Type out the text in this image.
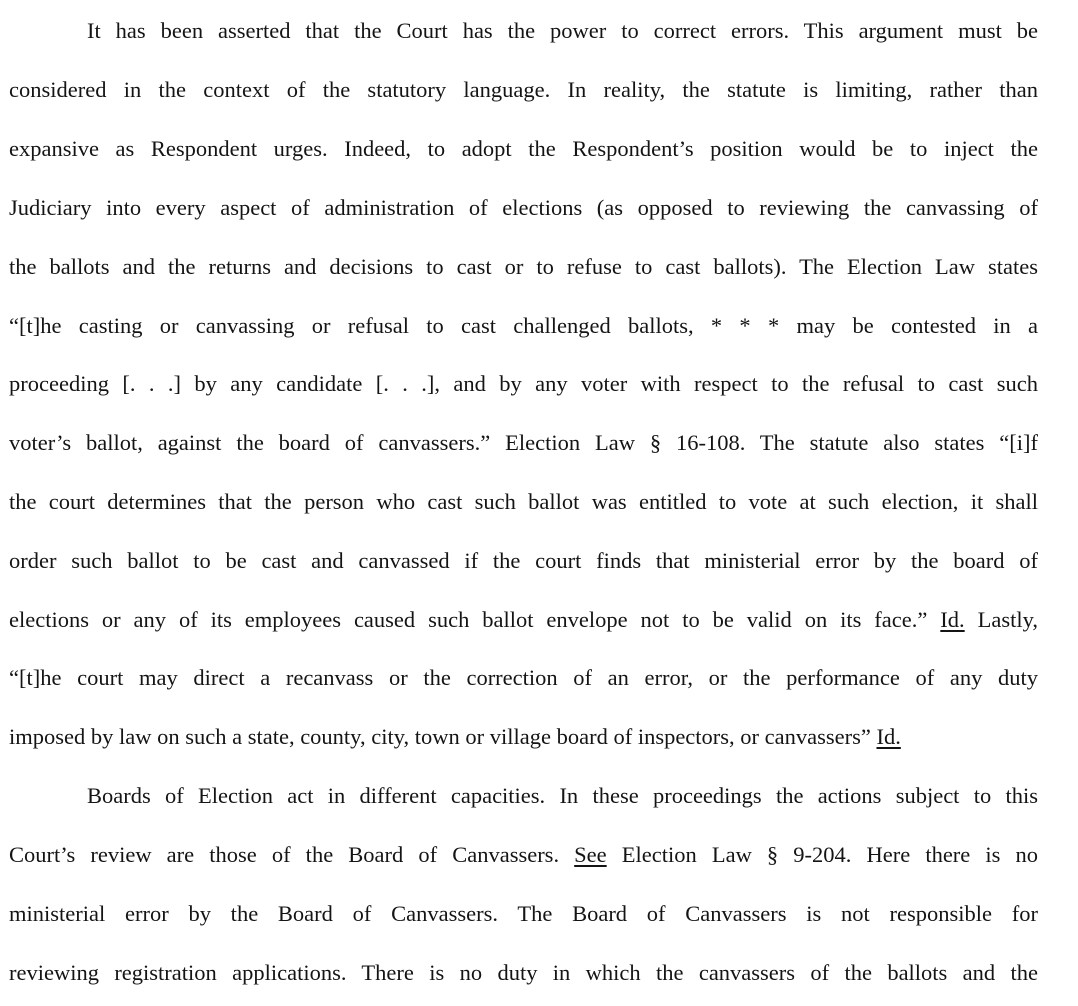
It has been asserted that the Court has the power to correct errors. This argument must be
considered in the context of the statutory language. In reality, the statute is limiting, rather than
expansive as Respondent urges. Indeed, to adopt the Respondent’s position would be to inject the
Judiciary into every aspect of administration of elections (as opposed to reviewing the canvassing of
the ballots and the returns and decisions to cast or to refuse to cast ballots). The Election Law states
“[t]he casting or canvassing or refusal to cast challenged ballots, * * * may be contested in a
proceeding [. . .] by any candidate [. . .], and by any voter with respect to the refusal to cast such
voter’s ballot, against the board of canvassers.” Election Law § 16-108. The statute also states “[i]f
the court determines that the person who cast such ballot was entitled to vote at such election, it shall
order such ballot to be cast and canvassed if the court finds that ministerial error by the board of
elections or any of its employees caused such ballot envelope not to be valid on its face.” Id. Lastly,
“[t]he court may direct a recanvass or the correction of an error, or the performance of any duty
imposed by law on such a state, county, city, town or village board of inspectors, or canvassers” Id.
Boards of Election act in different capacities. In these proceedings the actions subject to this
Court’s review are those of the Board of Canvassers. See Election Law § 9-204. Here there is no
ministerial error by the Board of Canvassers. The Board of Canvassers is not responsible for
reviewing registration applications. There is no duty in which the canvassers of the ballots and the
